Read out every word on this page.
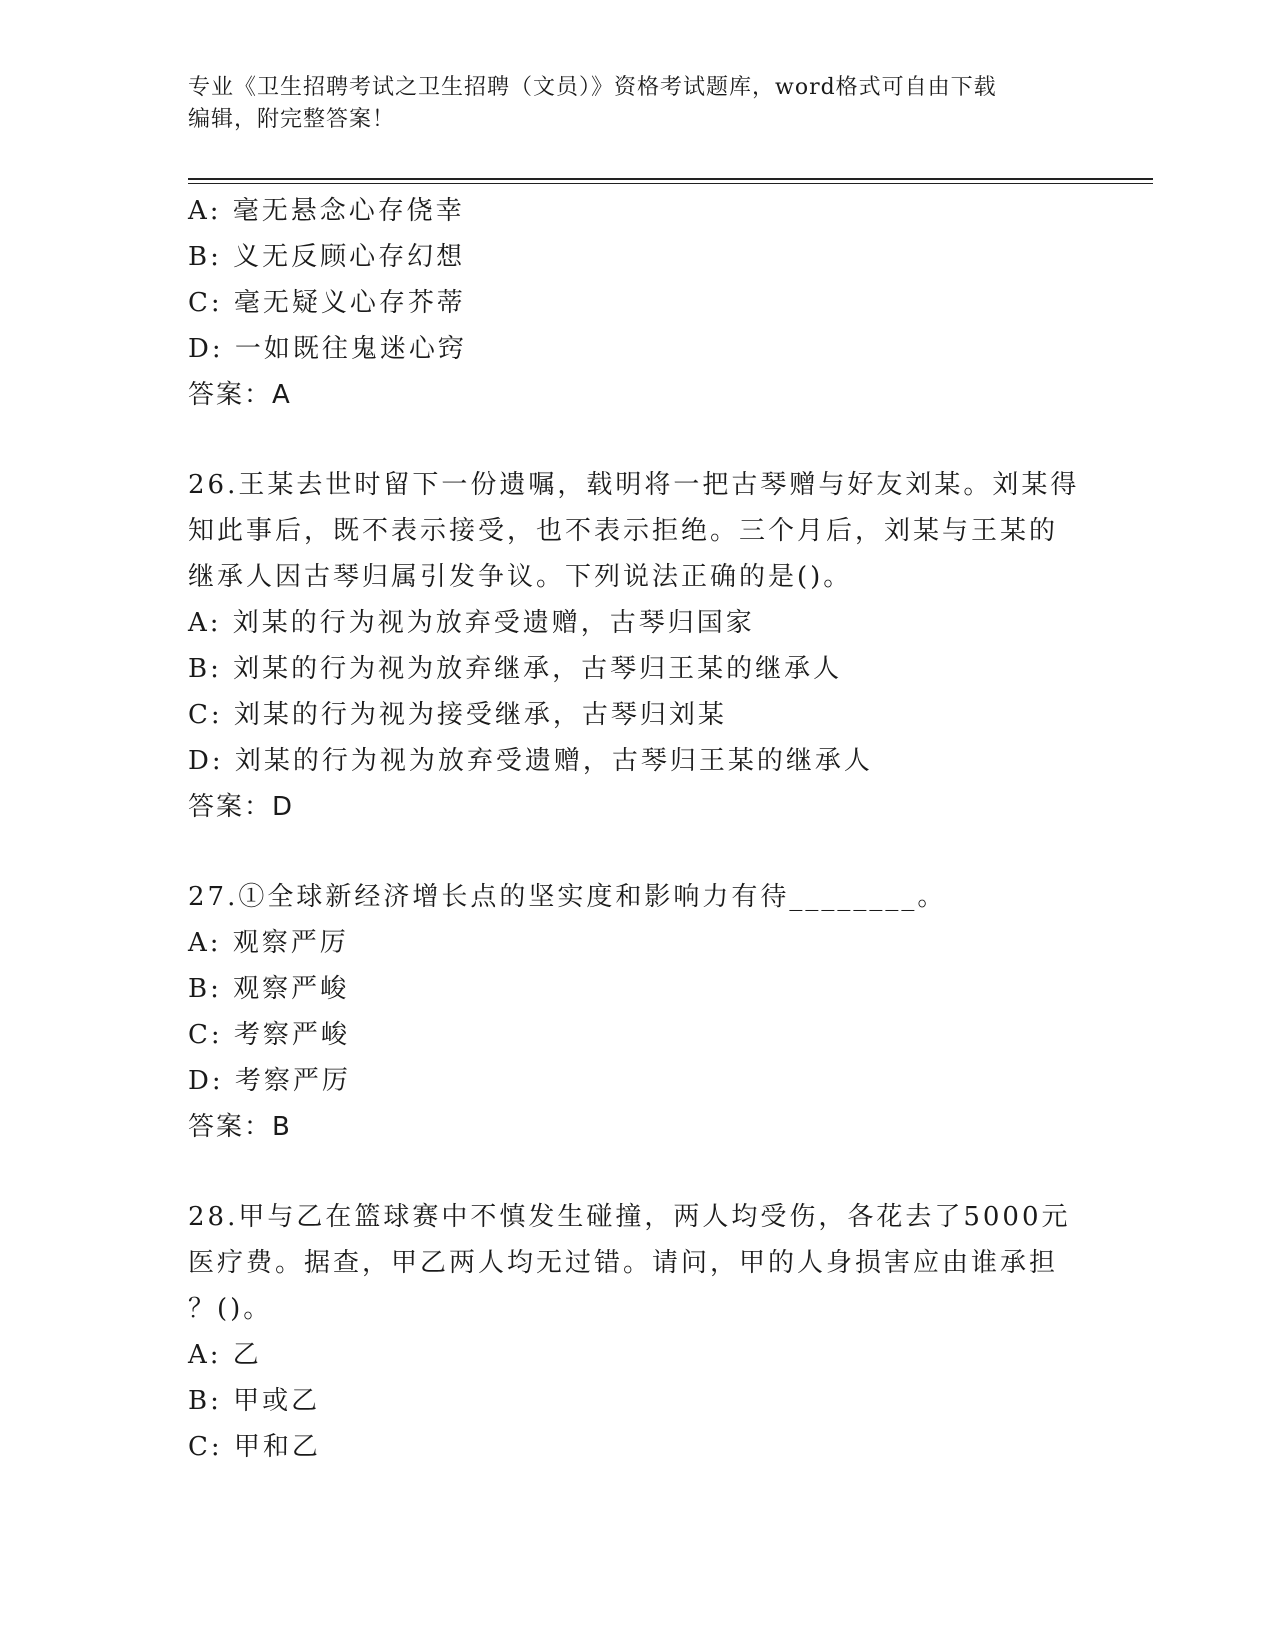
专业《卫生招聘考试之卫生招聘（文员）》资格考试题库，word格式可自由下载
编辑，附完整答案！
A: 毫无悬念心存侥幸
B: 义无反顾心存幻想
C: 毫无疑义心存芥蒂
D: 一如既往鬼迷心窍
答案：A
26.王某去世时留下一份遗嘱，载明将一把古琴赠与好友刘某。刘某得
知此事后，既不表示接受，也不表示拒绝。三个月后，刘某与王某的
继承人因古琴归属引发争议。下列说法正确的是()。
A: 刘某的行为视为放弃受遗赠，古琴归国家
B: 刘某的行为视为放弃继承，古琴归王某的继承人
C: 刘某的行为视为接受继承，古琴归刘某
D: 刘某的行为视为放弃受遗赠，古琴归王某的继承人
答案：D
27.①全球新经济增长点的坚实度和影响力有待________。
A: 观察严厉
B: 观察严峻
C: 考察严峻
D: 考察严厉
答案：B
28.甲与乙在篮球赛中不慎发生碰撞，两人均受伤，各花去了5000元
医疗费。据查，甲乙两人均无过错。请问，甲的人身损害应由谁承担
？()。
A: 乙
B: 甲或乙
C: 甲和乙
